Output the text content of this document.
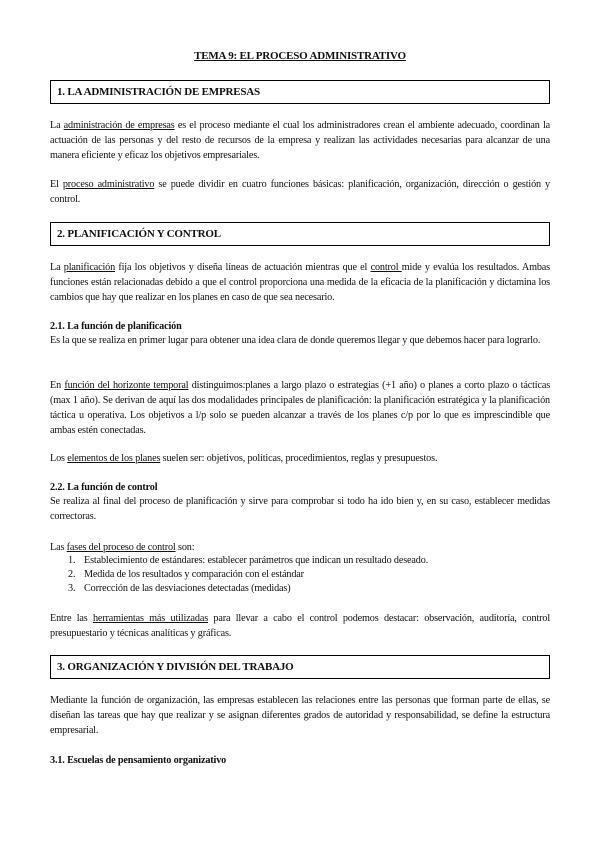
TEMA 9: EL PROCESO ADMINISTRATIVO
1. LA ADMINISTRACIÓN DE EMPRESAS
La administración de empresas es el proceso mediante el cual los administradores crean el ambiente adecuado, coordinan la actuación de las personas y del resto de recursos de la empresa y realizan las actividades necesarias para alcanzar de una manera eficiente y eficaz los objetivos empresariales.
El proceso administrativo se puede dividir en cuatro funciones básicas: planificación, organización, dirección o gestión y control.
2. PLANIFICACIÓN Y CONTROL
La planificación fija los objetivos y diseña líneas de actuación mientras que el control mide y evalúa los resultados. Ambas funciones están relacionadas debido a que el control proporciona una medida de la eficacia de la planificación y dictamina los cambios que hay que realizar en los planes en caso de que sea necesario.
2.1. La función de planificación
Es la que se realiza en primer lugar para obtener una idea clara de donde queremos llegar y que debemos hacer para lograrlo.
En función del horizonte temporal distinguimos:planes a largo plazo o estrategias (+1 año) o planes a corto plazo o tácticas (max 1 año). Se derivan de aquí las dos modalidades principales de planificación: la planificación estratégica y la planificación táctica u operativa. Los objetivos a l/p solo se pueden alcanzar a través de los planes c/p por lo que es imprescindible que ambas estén conectadas.
Los elementos de los planes suelen ser: objetivos, políticas, procedimientos, reglas y presupuestos.
2.2. La función de control
Se realiza al final del proceso de planificación y sirve para comprobar si todo ha ido bien y, en su caso, establecer medidas correctoras.
Las fases del proceso de control son:
1. Establecimiento de estándares: establecer parámetros que indican un resultado deseado.
2. Medida de los resultados y comparación con el estándar
3. Corrección de las desviaciones detectadas (medidas)
Entre las herramientas más utilizadas para llevar a cabo el control podemos destacar: observación, auditoría, control presupuestario y técnicas analíticas y gráficas.
3. ORGANIZACIÓN Y DIVISIÓN DEL TRABAJO
Mediante la función de organización, las empresas establecen las relaciones entre las personas que forman parte de ellas, se diseñan las tareas que hay que realizar y se asignan diferentes grados de autoridad y responsabilidad, se define la estructura empresarial.
3.1. Escuelas de pensamiento organizativo
